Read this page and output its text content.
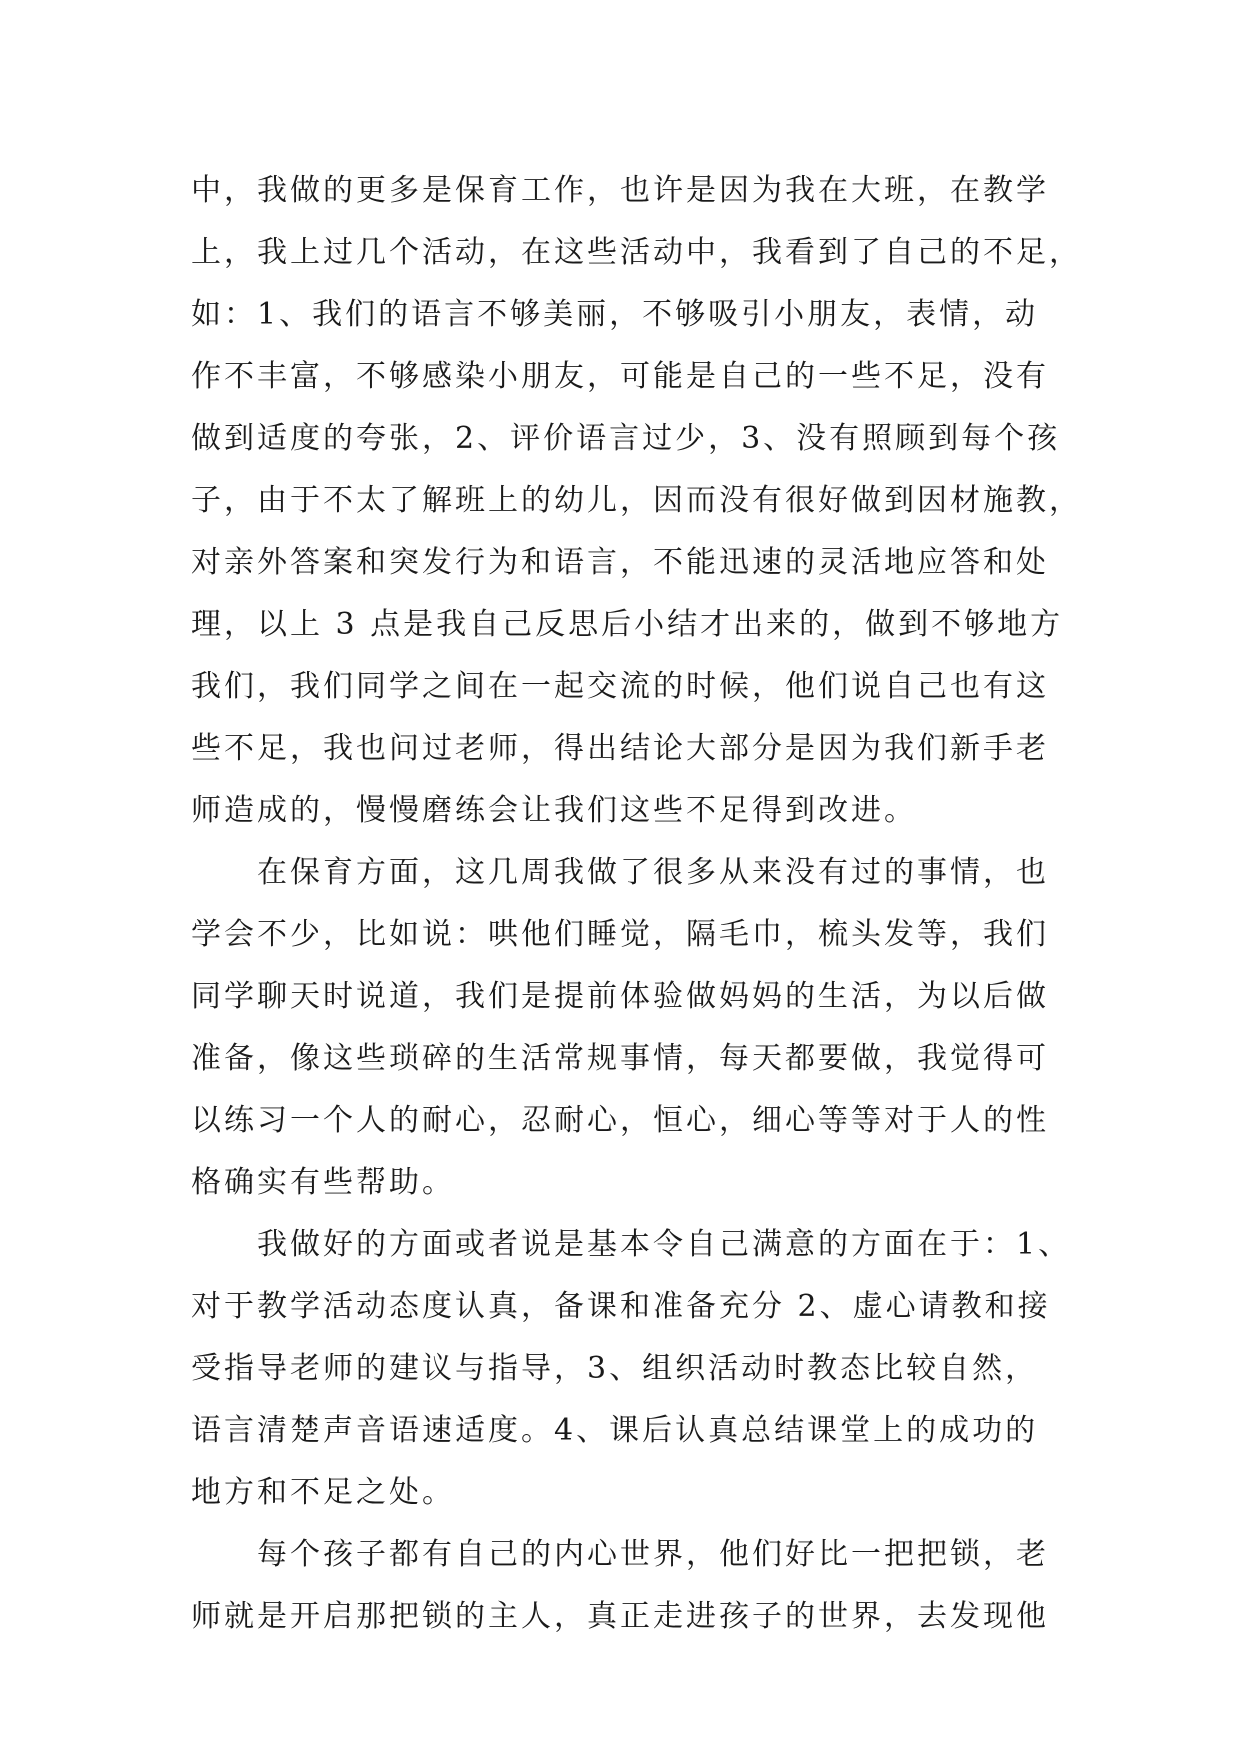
中，我做的更多是保育工作，也许是因为我在大班，在教学
上，我上过几个活动，在这些活动中，我看到了自己的不足，
如：1、我们的语言不够美丽，不够吸引小朋友，表情，动
作不丰富，不够感染小朋友，可能是自己的一些不足，没有
做到适度的夸张，2、评价语言过少，3、没有照顾到每个孩
子，由于不太了解班上的幼儿，因而没有很好做到因材施教，
对亲外答案和突发行为和语言，不能迅速的灵活地应答和处
理，以上 3 点是我自己反思后小结才出来的，做到不够地方
我们，我们同学之间在一起交流的时候，他们说自己也有这
些不足，我也问过老师，得出结论大部分是因为我们新手老
师造成的，慢慢磨练会让我们这些不足得到改进。
在保育方面，这几周我做了很多从来没有过的事情，也
学会不少，比如说：哄他们睡觉，隔毛巾，梳头发等，我们
同学聊天时说道，我们是提前体验做妈妈的生活，为以后做
准备，像这些琐碎的生活常规事情，每天都要做，我觉得可
以练习一个人的耐心，忍耐心，恒心，细心等等对于人的性
格确实有些帮助。
我做好的方面或者说是基本令自己满意的方面在于：1、
对于教学活动态度认真，备课和准备充分 2、虚心请教和接
受指导老师的建议与指导，3、组织活动时教态比较自然，
语言清楚声音语速适度。4、课后认真总结课堂上的成功的
地方和不足之处。
每个孩子都有自己的内心世界，他们好比一把把锁，老
师就是开启那把锁的主人，真正走进孩子的世界，去发现他
